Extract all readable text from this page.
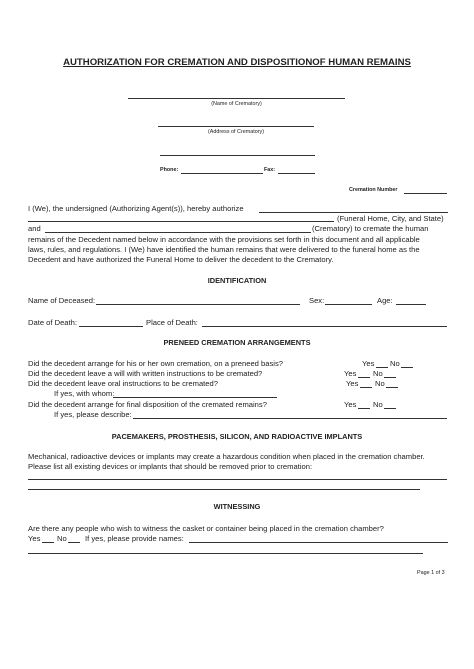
AUTHORIZATION FOR CREMATION AND DISPOSITIONOF HUMAN REMAINS
(Name of Crematory)
(Address of Crematory)
Phone:	Fax:
Cremation Number
I (We), the undersigned (Authorizing Agent(s)), hereby authorize
(Funeral Home, City, and State)
and	(Crematory) to cremate the human
remains of the Decedent named below in accordance with the provisions set forth in this document and all applicable
laws, rules, and regulations. I (We) have identified the human remains that were delivered to the funeral home as the
Decedent and have authorized the Funeral Home to deliver the decedent to the Crematory.
IDENTIFICATION
Name of Deceased:	Sex:	Age:
Date of Death:	Place of Death:
PRENEED CREMATION ARRANGEMENTS
Did the decedent arrange for his or her own cremation, on a preneed basis?	Yes No
Did the decedent leave a will with written instructions to be cremated?	Yes No
Did the decedent leave oral instructions to be cremated?	Yes No
If yes, with whom:
Did the decedent arrange for final disposition of the cremated remains?	Yes No
If yes, please describe:
PACEMAKERS, PROSTHESIS, SILICON, AND RADIOACTIVE IMPLANTS
Mechanical, radioactive devices or implants may create a hazardous condition when placed in the cremation chamber.
Please list all existing devices or implants that should be removed prior to cremation:
WITNESSING
Are there any people who wish to witness the casket or container being placed in the cremation chamber?
Yes No If yes, please provide names:
Page 1 of 3
